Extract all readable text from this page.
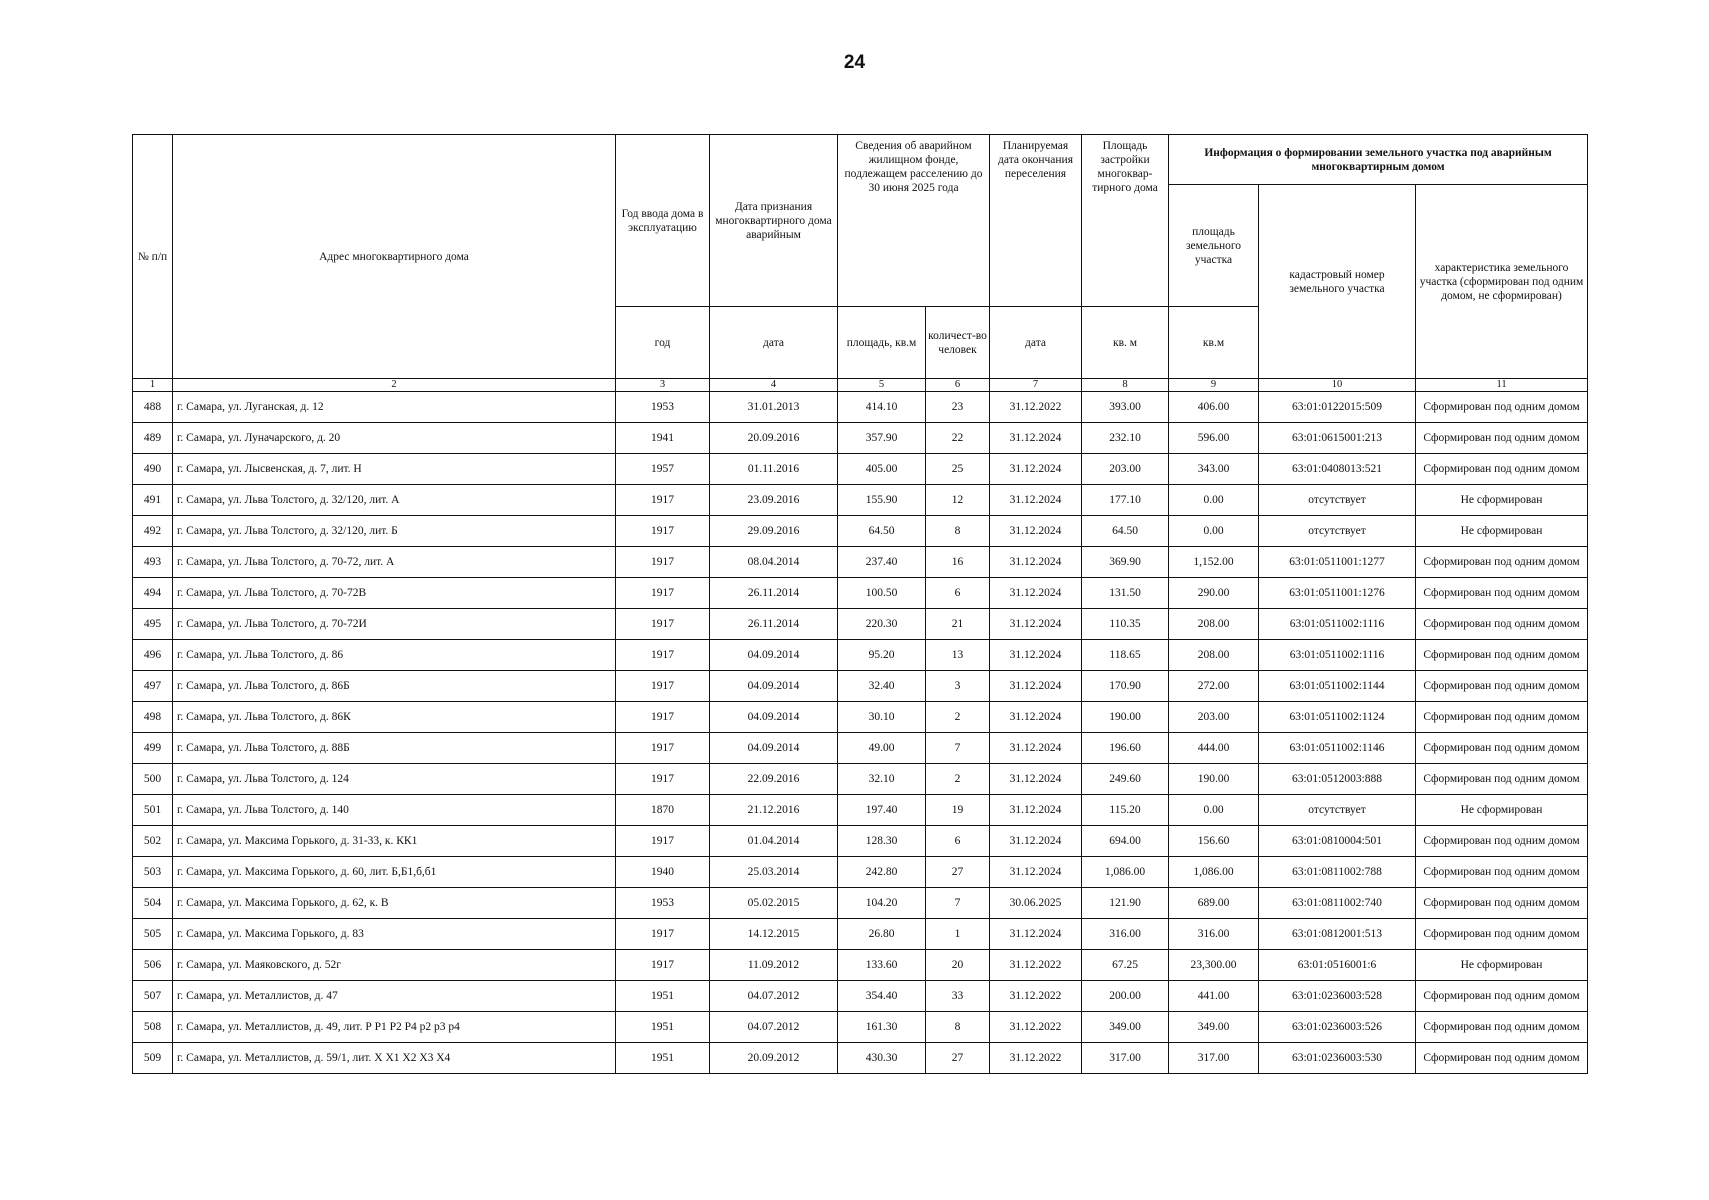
24
№ п/п	Адрес многоквартирного дома	Год ввода дома в эксплуатацию	Дата признания многоквартирного дома аварийным	Сведения об аварийном жилищном фонде, подлежащем расселению до 30 июня 2025 года		Планируемая дата окончания переселения	Площадь застройки многоквар-тирного дома	Информация о формировании земельного участка под аварийным многоквартирным домом		
								площадь земельного участка	кадастровый номер земельного участка	характеристика земельного участка (сформирован под одним домом, не сформирован)
		год	дата	площадь, кв.м	количест-во человек	дата	кв. м	кв.м		
1	2	3	4	5	6	7	8	9	10	11
488	г. Самара, ул. Луганская, д. 12	1953	31.01.2013	414.10	23	31.12.2022	393.00	406.00	63:01:0122015:509	Сформирован под одним домом
489	г. Самара, ул. Луначарского, д. 20	1941	20.09.2016	357.90	22	31.12.2024	232.10	596.00	63:01:0615001:213	Сформирован под одним домом
490	г. Самара, ул. Лысвенская, д. 7, лит. Н	1957	01.11.2016	405.00	25	31.12.2024	203.00	343.00	63:01:0408013:521	Сформирован под одним домом
491	г. Самара, ул. Льва Толстого, д. 32/120, лит. А	1917	23.09.2016	155.90	12	31.12.2024	177.10	0.00	отсутствует	Не сформирован
492	г. Самара, ул. Льва Толстого, д. 32/120, лит. Б	1917	29.09.2016	64.50	8	31.12.2024	64.50	0.00	отсутствует	Не сформирован
493	г. Самара, ул. Льва Толстого, д. 70-72, лит. А	1917	08.04.2014	237.40	16	31.12.2024	369.90	1,152.00	63:01:0511001:1277	Сформирован под одним домом
494	г. Самара, ул. Льва Толстого, д. 70-72В	1917	26.11.2014	100.50	6	31.12.2024	131.50	290.00	63:01:0511001:1276	Сформирован под одним домом
495	г. Самара, ул. Льва Толстого, д. 70-72И	1917	26.11.2014	220.30	21	31.12.2024	110.35	208.00	63:01:0511002:1116	Сформирован под одним домом
496	г. Самара, ул. Льва Толстого, д. 86	1917	04.09.2014	95.20	13	31.12.2024	118.65	208.00	63:01:0511002:1116	Сформирован под одним домом
497	г. Самара, ул. Льва Толстого, д. 86Б	1917	04.09.2014	32.40	3	31.12.2024	170.90	272.00	63:01:0511002:1144	Сформирован под одним домом
498	г. Самара, ул. Льва Толстого, д. 86К	1917	04.09.2014	30.10	2	31.12.2024	190.00	203.00	63:01:0511002:1124	Сформирован под одним домом
499	г. Самара, ул. Льва Толстого, д. 88Б	1917	04.09.2014	49.00	7	31.12.2024	196.60	444.00	63:01:0511002:1146	Сформирован под одним домом
500	г. Самара, ул. Льва Толстого, д. 124	1917	22.09.2016	32.10	2	31.12.2024	249.60	190.00	63:01:0512003:888	Сформирован под одним домом
501	г. Самара, ул. Льва Толстого, д. 140	1870	21.12.2016	197.40	19	31.12.2024	115.20	0.00	отсутствует	Не сформирован
502	г. Самара, ул. Максима Горького, д. 31-33, к. КК1	1917	01.04.2014	128.30	6	31.12.2024	694.00	156.60	63:01:0810004:501	Сформирован под одним домом
503	г. Самара, ул. Максима Горького, д. 60, лит. Б,Б1,б,б1	1940	25.03.2014	242.80	27	31.12.2024	1,086.00	1,086.00	63:01:0811002:788	Сформирован под одним домом
504	г. Самара, ул. Максима Горького, д. 62, к. В	1953	05.02.2015	104.20	7	30.06.2025	121.90	689.00	63:01:0811002:740	Сформирован под одним домом
505	г. Самара, ул. Максима Горького, д. 83	1917	14.12.2015	26.80	1	31.12.2024	316.00	316.00	63:01:0812001:513	Сформирован под одним домом
506	г. Самара, ул. Маяковского, д. 52г	1917	11.09.2012	133.60	20	31.12.2022	67.25	23,300.00	63:01:0516001:6	Не сформирован
507	г. Самара, ул. Металлистов, д. 47	1951	04.07.2012	354.40	33	31.12.2022	200.00	441.00	63:01:0236003:528	Сформирован под одним домом
508	г. Самара, ул. Металлистов, д. 49, лит. Р Р1 Р2 Р4 р2 р3 р4	1951	04.07.2012	161.30	8	31.12.2022	349.00	349.00	63:01:0236003:526	Сформирован под одним домом
509	г. Самара, ул. Металлистов, д. 59/1, лит. Х Х1 Х2 Х3 Х4	1951	20.09.2012	430.30	27	31.12.2022	317.00	317.00	63:01:0236003:530	Сформирован под одним домом
